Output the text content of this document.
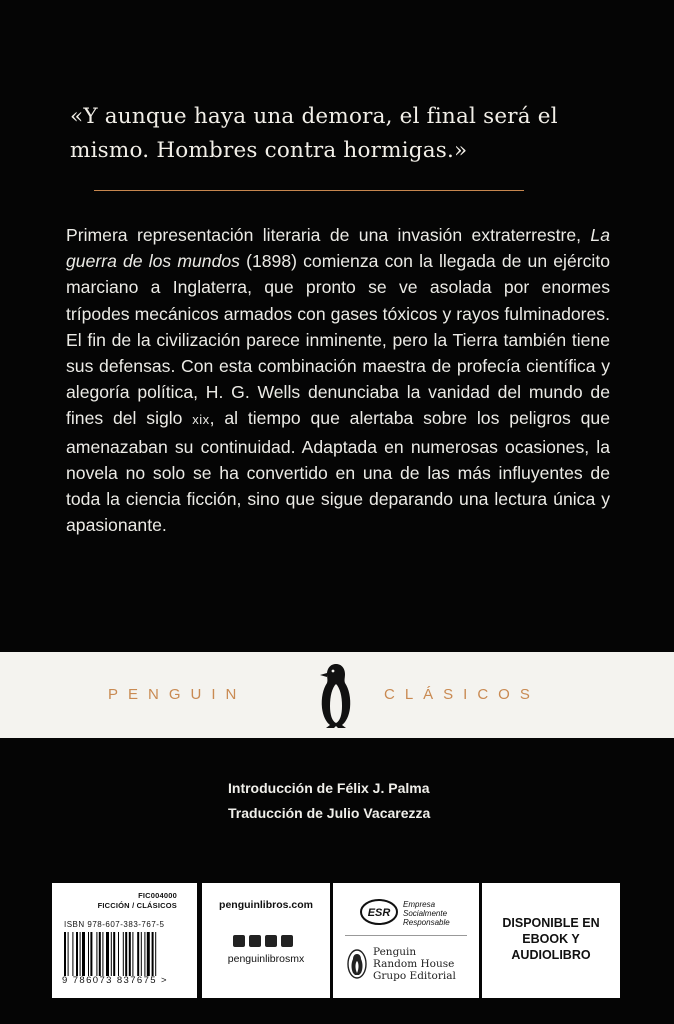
«Y aunque haya una demora, el final será el
mismo. Hombres contra hormigas.»
Primera representación literaria de una invasión extraterrestre, La guerra de los mundos (1898) comienza con la llegada de un ejército marciano a Inglaterra, que pronto se ve asolada por enormes trípodes mecánicos armados con gases tóxicos y rayos fulminadores. El fin de la civilización parece inminente, pero la Tierra también tiene sus defensas. Con esta combinación maestra de profecía científica y alegoría política, H. G. Wells denunciaba la vanidad del mundo de fines del siglo xix, al tiempo que alertaba sobre los peligros que amenazaban su continuidad. Adaptada en numerosas ocasiones, la novela no solo se ha convertido en una de las más influyentes de toda la ciencia ficción, sino que sigue deparando una lectura única y apasionante.
PENGUIN	CLÁSICOS
Introducción de Félix J. Palma
Traducción de Julio Vacarezza
FIC004000
FICCIÓN / CLÁSICOS
ISBN 978-607-383-767-5
9 786073 837675 >
penguinlibros.com
penguinlibrosmx
ESR
Empresa
Socialmente
Responsable
Penguin
Random House
Grupo Editorial
DISPONIBLE EN
EBOOK Y AUDIOLIBRO
